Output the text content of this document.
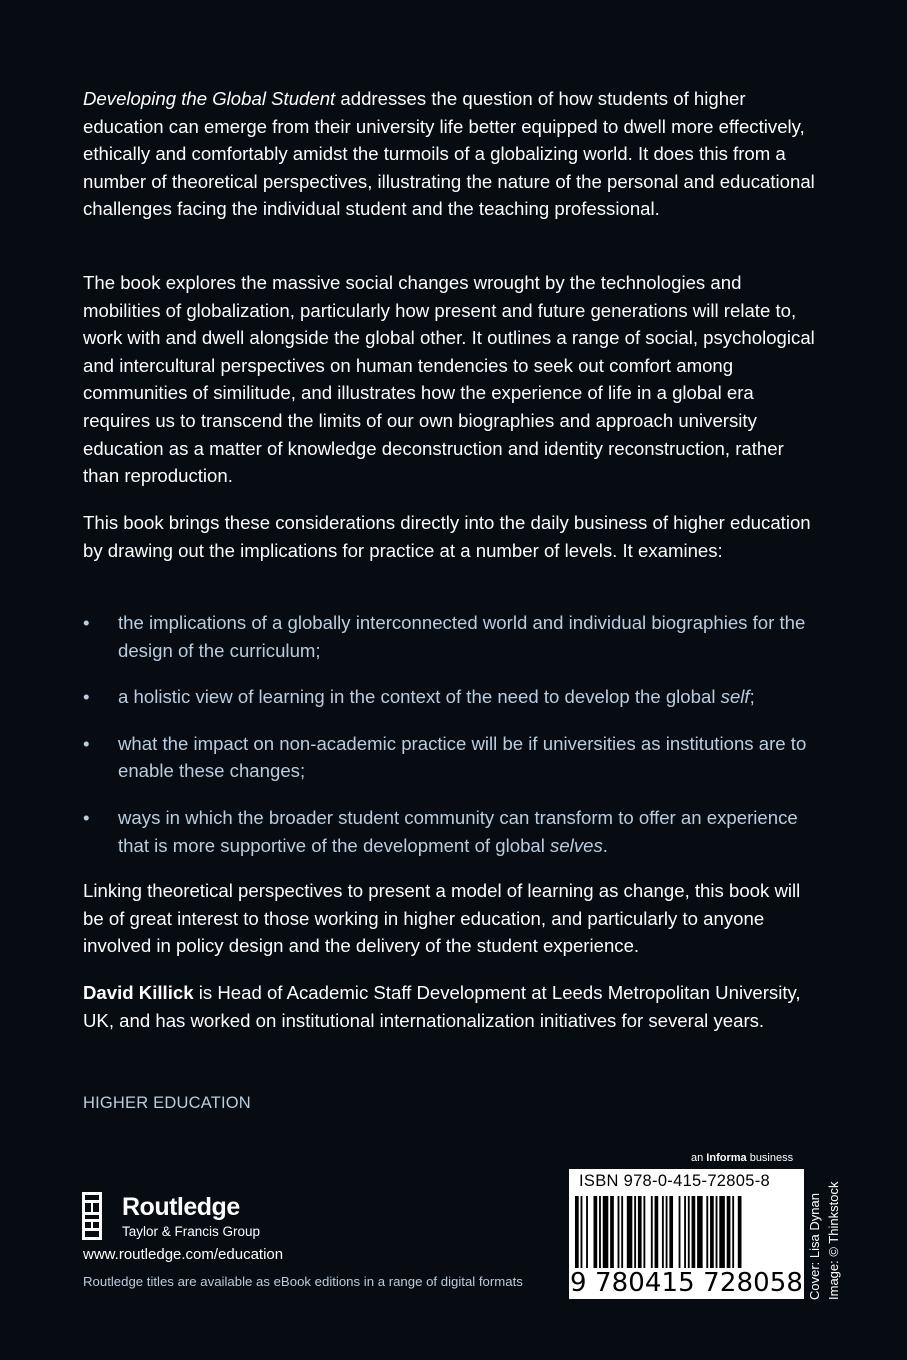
Developing the Global Student addresses the question of how students of higher education can emerge from their university life better equipped to dwell more effectively, ethically and comfortably amidst the turmoils of a globalizing world. It does this from a number of theoretical perspectives, illustrating the nature of the personal and educational challenges facing the individual student and the teaching professional.

The book explores the massive social changes wrought by the technologies and mobilities of globalization, particularly how present and future generations will relate to, work with and dwell alongside the global other. It outlines a range of social, psychological and intercultural perspectives on human tendencies to seek out comfort among communities of similitude, and illustrates how the experience of life in a global era requires us to transcend the limits of our own biographies and approach university education as a matter of knowledge deconstruction and identity reconstruction, rather than reproduction.

This book brings these considerations directly into the daily business of higher education by drawing out the implications for practice at a number of levels. It examines:

• the implications of a globally interconnected world and individual biographies for the design of the curriculum;
• a holistic view of learning in the context of the need to develop the global self;
• what the impact on non-academic practice will be if universities as institutions are to enable these changes;
• ways in which the broader student community can transform to offer an experience that is more supportive of the development of global selves.

Linking theoretical perspectives to present a model of learning as change, this book will be of great interest to those working in higher education, and particularly to anyone involved in policy design and the delivery of the student experience.

David Killick is Head of Academic Staff Development at Leeds Metropolitan University, UK, and has worked on institutional internationalization initiatives for several years.

HIGHER EDUCATION
Routledge
Taylor & Francis Group
www.routledge.com/education
Routledge titles are available as eBook editions in a range of digital formats
an Informa business
ISBN 978-0-415-72805-8
9 780415 728058 Cover: Lisa Dynan Image: © Thinkstock
